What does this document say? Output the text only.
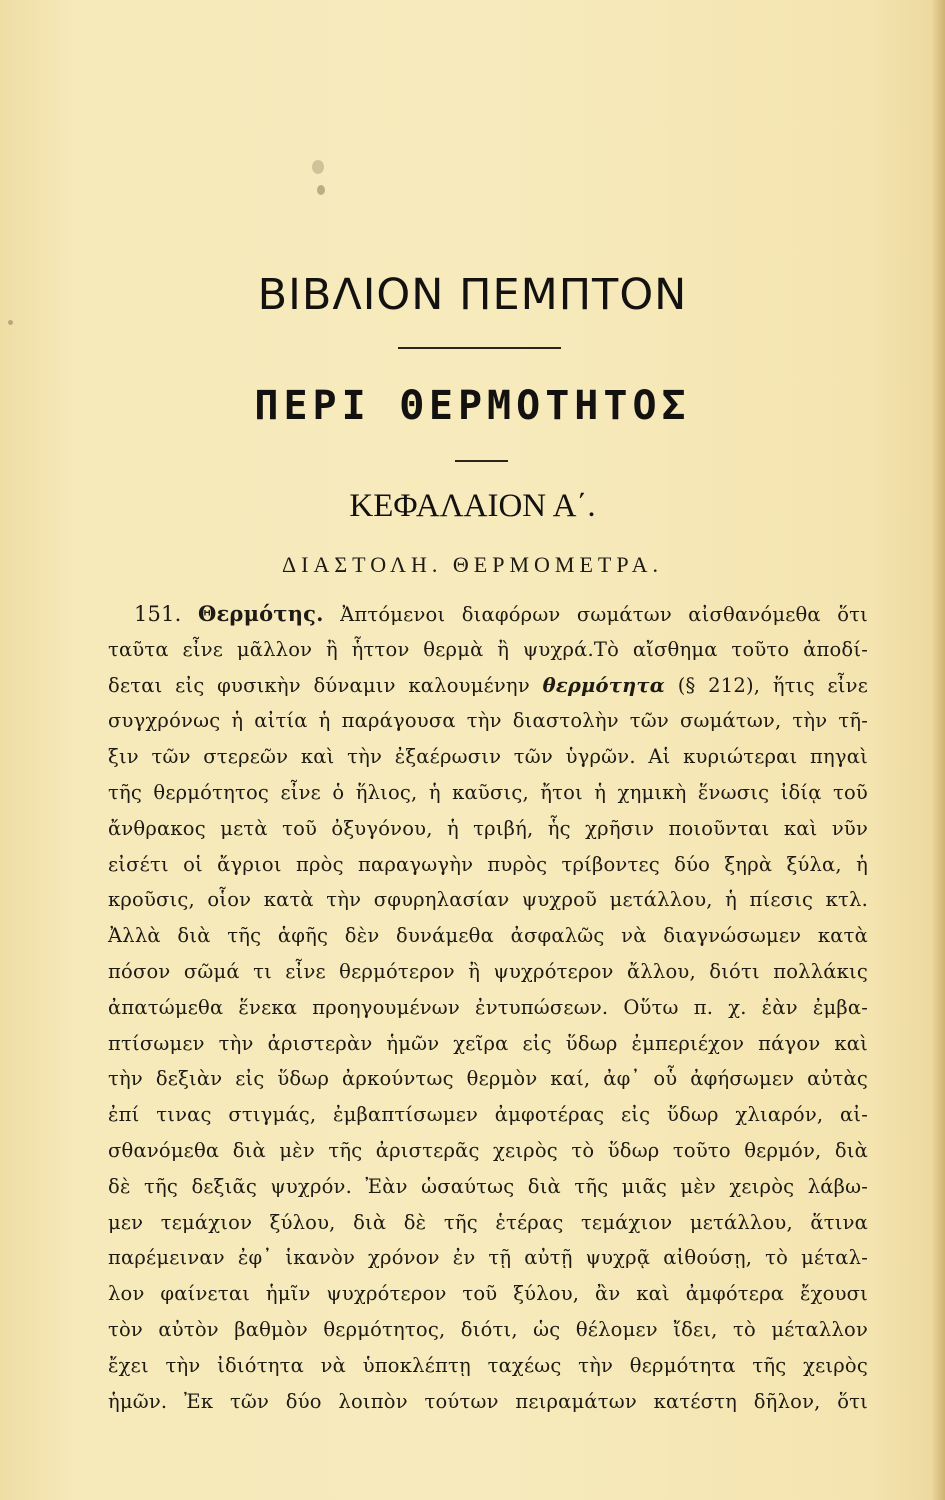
ΒΙΒΛΙΟΝ ΠΕΜΠΤΟΝ
ΠΕΡΙ ΘΕΡΜΟΤΗΤΟΣ
ΚΕΦΑΛΑΙΟΝ Α΄.
ΔΙΑΣΤΟΛΗ. ΘΕΡΜΟΜΕΤΡΑ.
151. Θερμότης. Ἀπτόμενοι διαφόρων σωμάτων αἰσθανόμεθα ὅτι
ταῦτα εἶνε μᾶλλον ἢ ἧττον θερμὰ ἢ ψυχρά.Τὸ αἴσθημα τοῦτο ἀποδί-
δεται εἰς φυσικὴν δύναμιν καλουμένην θερμότητα (§ 212), ἥτις εἶνε
συγχρόνως ἡ αἰτία ἡ παράγουσα τὴν διαστολὴν τῶν σωμάτων, τὴν τῆ-
ξιν τῶν στερεῶν καὶ τὴν ἐξαέρωσιν τῶν ὑγρῶν. Αἱ κυριώτεραι πηγαὶ
τῆς θερμότητος εἶνε ὁ ἥλιος, ἡ καῦσις, ἤτοι ἡ χημικὴ ἕνωσις ἰδίᾳ τοῦ
ἄνθρακος μετὰ τοῦ ὀξυγόνου, ἡ τριβή, ἧς χρῆσιν ποιοῦνται καὶ νῦν
εἰσέτι οἱ ἄγριοι πρὸς παραγωγὴν πυρὸς τρίβοντες δύο ξηρὰ ξύλα, ἡ
κροῦσις, οἷον κατὰ τὴν σφυρηλασίαν ψυχροῦ μετάλλου, ἡ πίεσις κτλ.
Ἀλλὰ διὰ τῆς ἁφῆς δὲν δυνάμεθα ἀσφαλῶς νὰ διαγνώσωμεν κατὰ
πόσον σῶμά τι εἶνε θερμότερον ἢ ψυχρότερον ἄλλου, διότι πολλάκις
ἀπατώμεθα ἕνεκα προηγουμένων ἐντυπώσεων. Οὕτω π. χ. ἐὰν ἐμβα-
πτίσωμεν τὴν ἀριστερὰν ἡμῶν χεῖρα εἰς ὕδωρ ἐμπεριέχον πάγον καὶ
τὴν δεξιὰν εἰς ὕδωρ ἀρκούντως θερμὸν καί, ἀφ᾽ οὗ ἀφήσωμεν αὐτὰς
ἐπί τινας στιγμάς, ἐμβαπτίσωμεν ἀμφοτέρας εἰς ὕδωρ χλιαρόν, αἰ-
σθανόμεθα διὰ μὲν τῆς ἀριστερᾶς χειρὸς τὸ ὕδωρ τοῦτο θερμόν, διὰ
δὲ τῆς δεξιᾶς ψυχρόν. Ἐὰν ὡσαύτως διὰ τῆς μιᾶς μὲν χειρὸς λάβω-
μεν τεμάχιον ξύλου, διὰ δὲ τῆς ἑτέρας τεμάχιον μετάλλου, ἅτινα
παρέμειναν ἐφ᾽ ἱκανὸν χρόνον ἐν τῇ αὐτῇ ψυχρᾷ αἰθούσῃ, τὸ μέταλ-
λον φαίνεται ἡμῖν ψυχρότερον τοῦ ξύλου, ἂν καὶ ἀμφότερα ἔχουσι
τὸν αὐτὸν βαθμὸν θερμότητος, διότι, ὡς θέλομεν ἴδει, τὸ μέταλλον
ἔχει τὴν ἰδιότητα νὰ ὑποκλέπτῃ ταχέως τὴν θερμότητα τῆς χειρὸς
ἡμῶν. Ἐκ τῶν δύο λοιπὸν τούτων πειραμάτων κατέστη δῆλον, ὅτι
